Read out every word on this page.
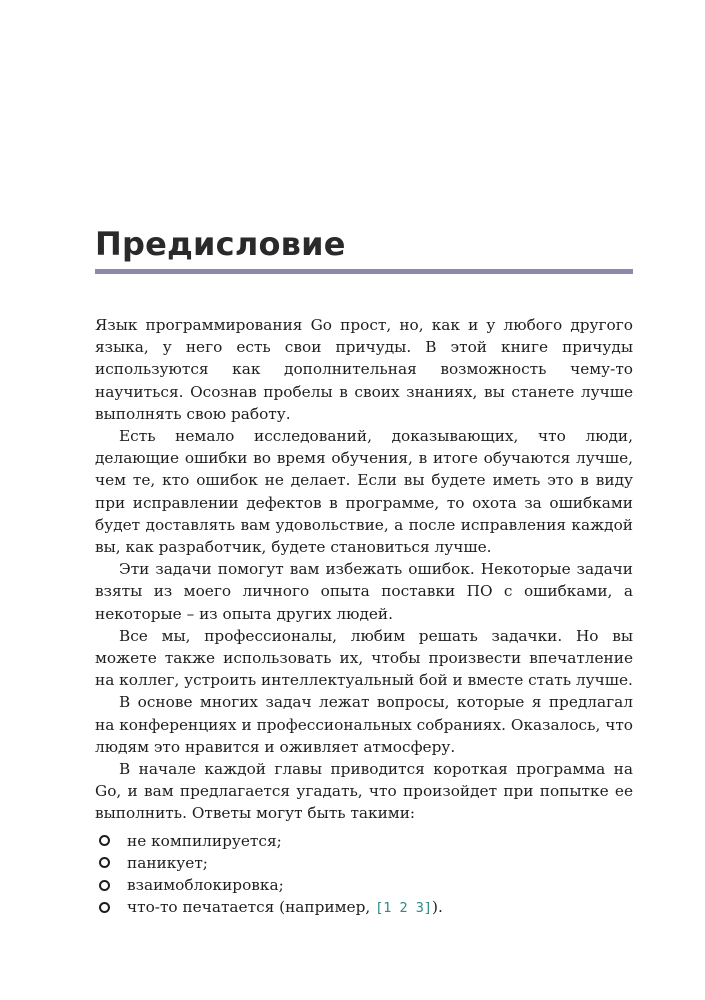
Предисловие

Язык программирования Go прост, но, как и у любого другого языка, у него есть свои причуды. В этой книге причуды используются как дополнительная возможность чему-то научиться. Осознав пробелы в своих знаниях, вы станете лучше выполнять свою работу.

Есть немало исследований, доказывающих, что люди, делающие ошибки во время обучения, в итоге обучаются лучше, чем те, кто ошибок не делает. Если вы будете иметь это в виду при исправлении дефектов в программе, то охота за ошибками будет доставлять вам удовольствие, а после исправления каждой вы, как разработчик, будете становиться лучше.

Эти задачи помогут вам избежать ошибок. Некоторые задачи взяты из моего личного опыта поставки ПО с ошибками, а некоторые – из опыта других людей.

Все мы, профессионалы, любим решать задачки. Но вы можете также использовать их, чтобы произвести впечатление на коллег, устроить интеллектуальный бой и вместе стать лучше.

В основе многих задач лежат вопросы, которые я предлагал на конференциях и профессиональных собраниях. Оказалось, что людям это нравится и оживляет атмосферу.

В начале каждой главы приводится короткая программа на Go, и вам предлагается угадать, что произойдет при попытке ее выполнить. Ответы могут быть такими:

не компилируется;
паникует;
взаимоблокировка;
что-то печатается (например, [1 2 3]).
